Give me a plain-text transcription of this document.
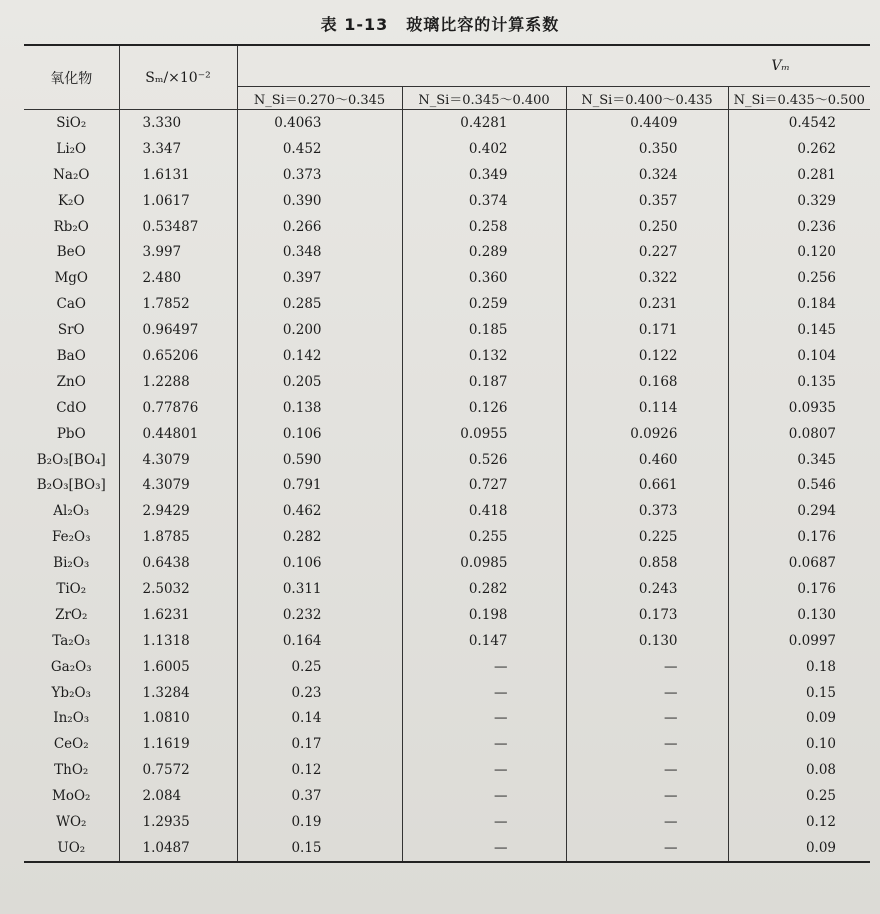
表 1-13 玻璃比容的计算系数
氧化物	Sₘ/×10⁻²	Vₘ			
		N_Si＝0.270～0.345	N_Si＝0.345～0.400	N_Si＝0.400～0.435	N_Si＝0.435～0.500
SiO₂	3.330	0.4063	0.4281	0.4409	0.4542
Li₂O	3.347	0.452	0.402	0.350	0.262
Na₂O	1.6131	0.373	0.349	0.324	0.281
K₂O	1.0617	0.390	0.374	0.357	0.329
Rb₂O	0.53487	0.266	0.258	0.250	0.236
BeO	3.997	0.348	0.289	0.227	0.120
MgO	2.480	0.397	0.360	0.322	0.256
CaO	1.7852	0.285	0.259	0.231	0.184
SrO	0.96497	0.200	0.185	0.171	0.145
BaO	0.65206	0.142	0.132	0.122	0.104
ZnO	1.2288	0.205	0.187	0.168	0.135
CdO	0.77876	0.138	0.126	0.114	0.0935
PbO	0.44801	0.106	0.0955	0.0926	0.0807
B₂O₃[BO₄]	4.3079	0.590	0.526	0.460	0.345
B₂O₃[BO₃]	4.3079	0.791	0.727	0.661	0.546
Al₂O₃	2.9429	0.462	0.418	0.373	0.294
Fe₂O₃	1.8785	0.282	0.255	0.225	0.176
Bi₂O₃	0.6438	0.106	0.0985	0.858	0.0687
TiO₂	2.5032	0.311	0.282	0.243	0.176
ZrO₂	1.6231	0.232	0.198	0.173	0.130
Ta₂O₃	1.1318	0.164	0.147	0.130	0.0997
Ga₂O₃	1.6005	0.25	—	—	0.18
Yb₂O₃	1.3284	0.23	—	—	0.15
In₂O₃	1.0810	0.14	—	—	0.09
CeO₂	1.1619	0.17	—	—	0.10
ThO₂	0.7572	0.12	—	—	0.08
MoO₂	2.084	0.37	—	—	0.25
WO₂	1.2935	0.19	—	—	0.12
UO₂	1.0487	0.15	—	—	0.09
